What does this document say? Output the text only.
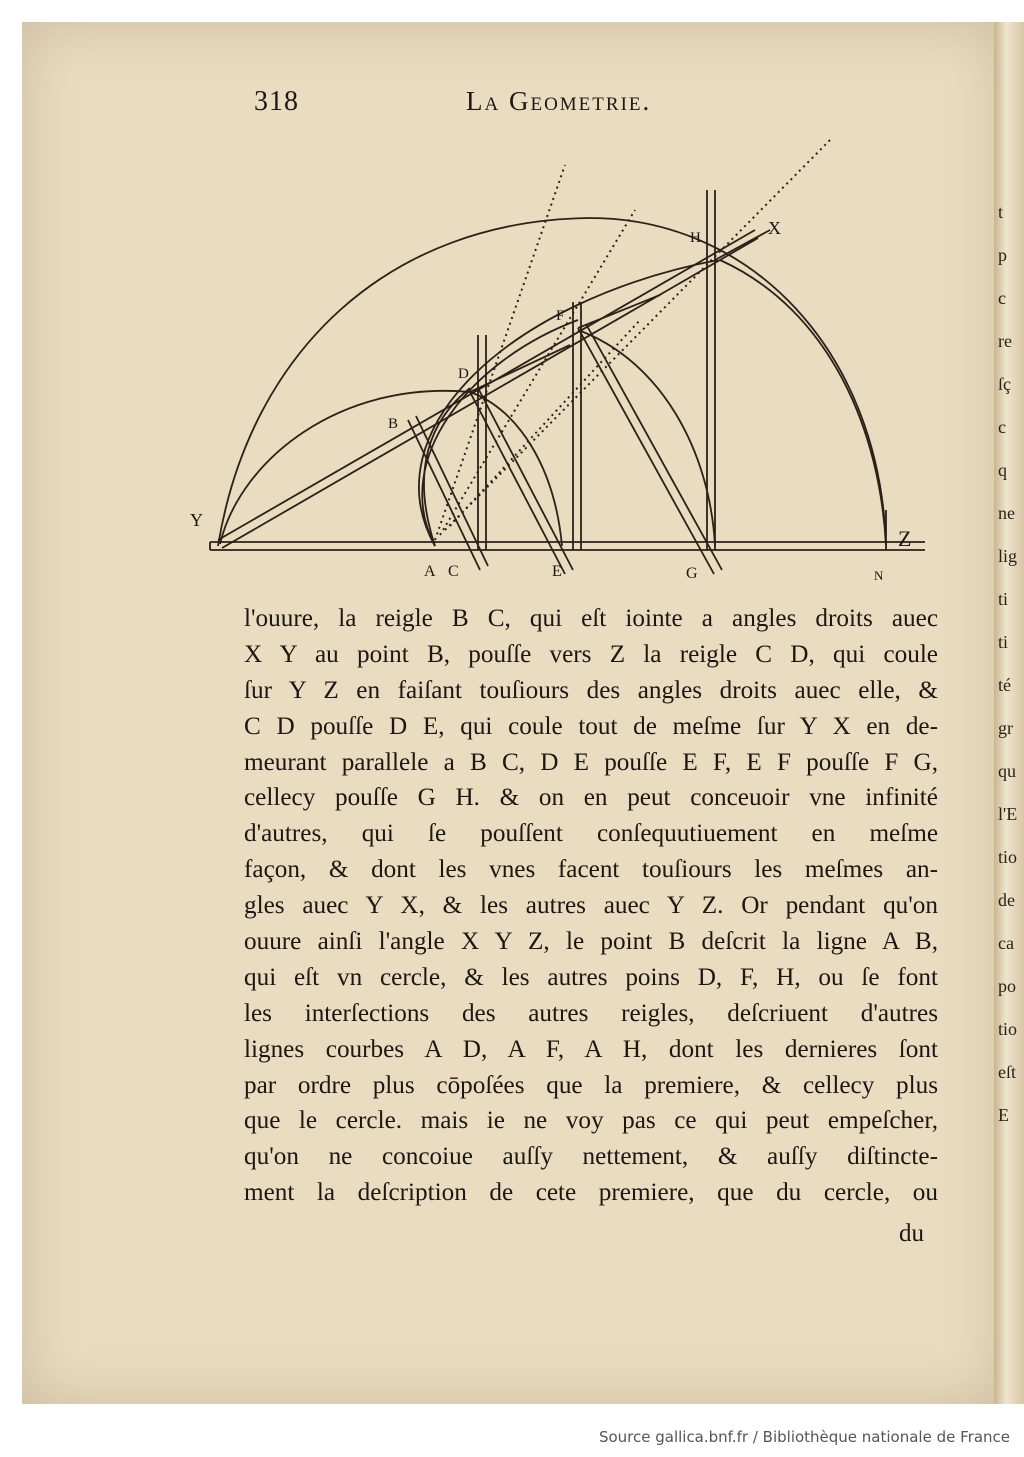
t
p
c
re
ſç
c
q
ne
lig
ti
ti
té
gr
qu
l'E
tio
de
ca
po
tio
eſt
E
318	La Geometrie.
Y
Z
X
N
A
B
C
D
E
F
G
H
l'ouure, la reigle B C, qui eſt iointe a angles droits auec
X Y au point B, pouſſe vers Z la reigle C D, qui coule
ſur Y Z en faiſant touſiours des angles droits auec elle, &
C D pouſſe D E, qui coule tout de meſme ſur Y X en de-
meurant parallele a B C, D E pouſſe E F, E F pouſſe F G,
cellecy pouſſe G H. & on en peut conceuoir vne infinité
d'autres, qui ſe pouſſent conſequutiuement en meſme
façon, & dont les vnes facent touſiours les meſmes an-
gles auec Y X, & les autres auec Y Z. Or pendant qu'on
ouure ainſi l'angle X Y Z, le point B deſcrit la ligne A B,
qui eſt vn cercle, & les autres poins D, F, H, ou ſe font
les interſections des autres reigles, deſcriuent d'autres
lignes courbes A D, A F, A H, dont les dernieres ſont
par ordre plus cōpoſées que la premiere, & cellecy plus
que le cercle. mais ie ne voy pas ce qui peut empeſcher,
qu'on ne concoiue auſſy nettement, & auſſy diſtincte-
ment la deſcription de cete premiere, que du cercle, ou
du
Source gallica.bnf.fr / Bibliothèque nationale de France
